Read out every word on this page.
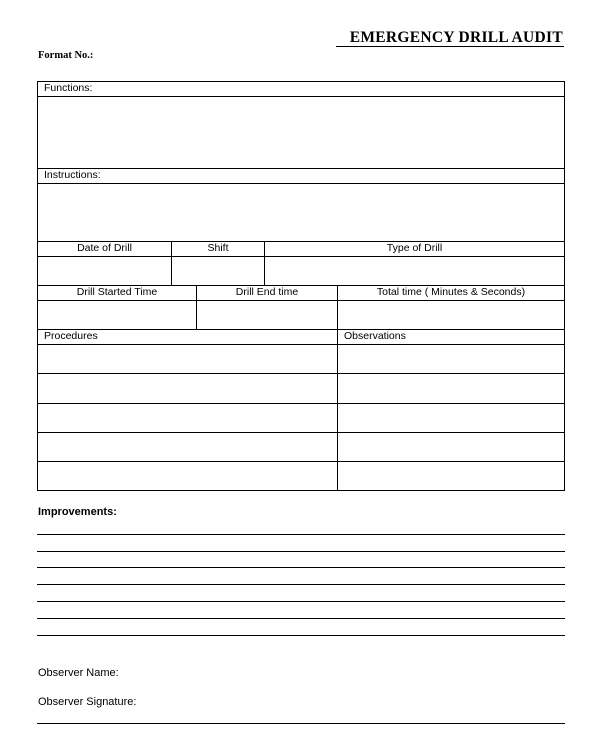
EMERGENCY DRILL AUDIT
Format No.:
Functions:
Instructions:
Date of Drill	Shift	Type of Drill
Drill Started Time	Drill End time	Total time ( Minutes & Seconds)
Procedures	Observations
Improvements:
Observer Name:
Observer Signature:
